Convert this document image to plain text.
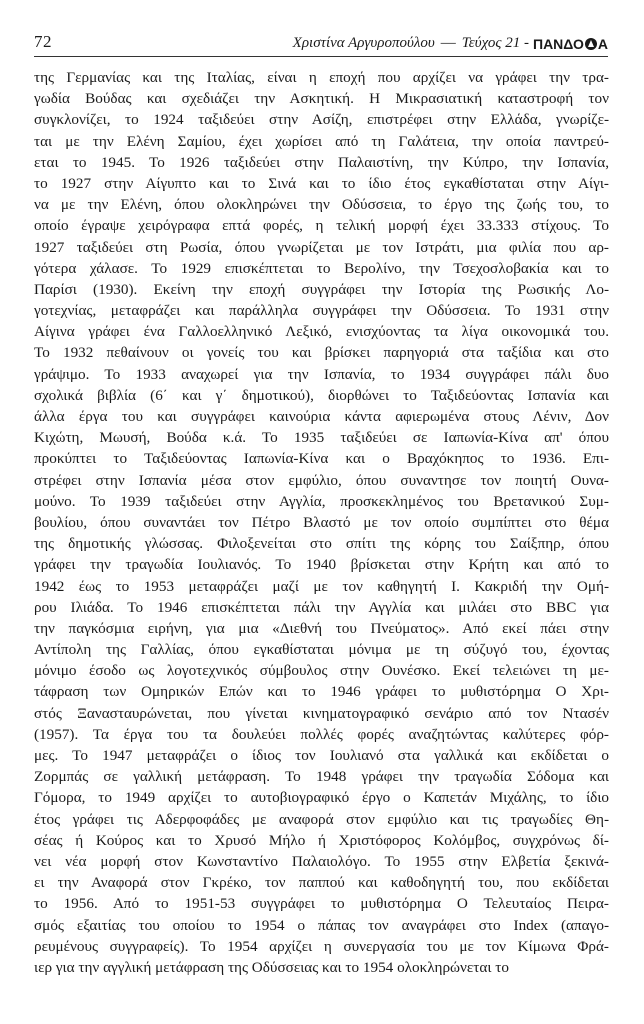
72	Χριστίνα Αργυροπούλου — Τεύχος 21 - ΠΑΝΔΟ Α
της Γερμανίας και της Ιταλίας, είναι η εποχή που αρχίζει να γράφει την τρα-
γωδία Βούδας και σχεδιάζει την Ασκητική. Η Μικρασιατική καταστροφή τον
συγκλονίζει, το 1924 ταξιδεύει στην Ασίζη, επιστρέφει στην Ελλάδα, γνωρίζε-
ται με την Ελένη Σαμίου, έχει χωρίσει από τη Γαλάτεια, την οποία παντρεύ-
εται το 1945. Το 1926 ταξιδεύει στην Παλαιστίνη, την Κύπρο, την Ισπανία,
το 1927 στην Αίγυπτο και το Σινά και το ίδιο έτος εγκαθίσταται στην Αίγι-
να με την Ελένη, όπου ολοκληρώνει την Οδύσσεια, το έργο της ζωής του, το
οποίο έγραψε χειρόγραφα επτά φορές, η τελική μορφή έχει 33.333 στίχους. Το
1927 ταξιδεύει στη Ρωσία, όπου γνωρίζεται με τον Ιστράτι, μια φιλία που αρ-
γότερα χάλασε. Το 1929 επισκέπτεται το Βερολίνο, την Τσεχοσλοβακία και το
Παρίσι (1930). Εκείνη την εποχή συγγράφει την Ιστορία της Ρωσικής Λο-
γοτεχνίας, μεταφράζει και παράλληλα συγγράφει την Οδύσσεια. Το 1931 στην
Αίγινα γράφει ένα Γαλλοελληνικό Λεξικό, ενισχύοντας τα λίγα οικονομικά του.
Το 1932 πεθαίνουν οι γονείς του και βρίσκει παρηγοριά στα ταξίδια και στο
γράψιμο. Το 1933 αναχωρεί για την Ισπανία, το 1934 συγγράφει πάλι δυο
σχολικά βιβλία (6΄ και γ΄ δημοτικού), διορθώνει το Ταξιδεύοντας Ισπανία και
άλλα έργα του και συγγράφει καινούρια κάντα αφιερωμένα στους Λένιν, Δον
Κιχώτη, Μωυσή, Βούδα κ.ά. Το 1935 ταξιδεύει σε Ιαπωνία-Κίνα απ' όπου
προκύπτει το Ταξιδεύοντας Ιαπωνία-Κίνα και ο Βραχόκηπος το 1936. Επι-
στρέφει στην Ισπανία μέσα στον εμφύλιο, όπου συναντησε τον ποιητή Ουνα-
μούνο. Το 1939 ταξιδεύει στην Αγγλία, προσκεκλημένος του Βρετανικού Συμ-
βουλίου, όπου συναντάει τον Πέτρο Βλαστό με τον οποίο συμπίπτει στο θέμα
της δημοτικής γλώσσας. Φιλοξενείται στο σπίτι της κόρης του Σαίξπηρ, όπου
γράφει την τραγωδία Ιουλιανός. Το 1940 βρίσκεται στην Κρήτη και από το
1942 έως το 1953 μεταφράζει μαζί με τον καθηγητή Ι. Κακριδή την Ομή-
ρου Ιλιάδα. Το 1946 επισκέπτεται πάλι την Αγγλία και μιλάει στο BBC για
την παγκόσμια ειρήνη, για μια «Διεθνή του Πνεύματος». Από εκεί πάει στην
Αντίπολη της Γαλλίας, όπου εγκαθίσταται μόνιμα με τη σύζυγό του, έχοντας
μόνιμο έσοδο ως λογοτεχνικός σύμβουλος στην Ουνέσκο. Εκεί τελειώνει τη με-
τάφραση των Ομηρικών Επών και το 1946 γράφει το μυθιστόρημα Ο Χρι-
στός Ξανασταυρώνεται, που γίνεται κινηματογραφικό σενάριο από τον Ντασέν
(1957). Τα έργα του τα δουλεύει πολλές φορές αναζητώντας καλύτερες φόρ-
μες. Το 1947 μεταφράζει ο ίδιος τον Ιουλιανό στα γαλλικά και εκδίδεται ο
Ζορμπάς σε γαλλική μετάφραση. Το 1948 γράφει την τραγωδία Σόδομα και
Γόμορα, το 1949 αρχίζει το αυτοβιογραφικό έργο ο Καπετάν Μιχάλης, το ίδιο
έτος γράφει τις Αδερφοφάδες με αναφορά στον εμφύλιο και τις τραγωδίες Θη-
σέας ή Κούρος και το Χρυσό Μήλο ή Χριστόφορος Κολόμβος, συγχρόνως δί-
νει νέα μορφή στον Κωνσταντίνο Παλαιολόγο. Το 1955 στην Ελβετία ξεκινά-
ει την Αναφορά στον Γκρέκο, τον παππού και καθοδηγητή του, που εκδίδεται
το 1956. Από το 1951-53 συγγράφει το μυθιστόρημα Ο Τελευταίος Πειρα-
σμός εξαιτίας του οποίου το 1954 ο πάπας τον αναγράφει στο Index (απαγο-
ρευμένους συγγραφείς). Το 1954 αρχίζει η συνεργασία του με τον Κίμωνα Φρά-
ιερ για την αγγλική μετάφραση της Οδύσσειας και το 1954 ολοκληρώνεται το
